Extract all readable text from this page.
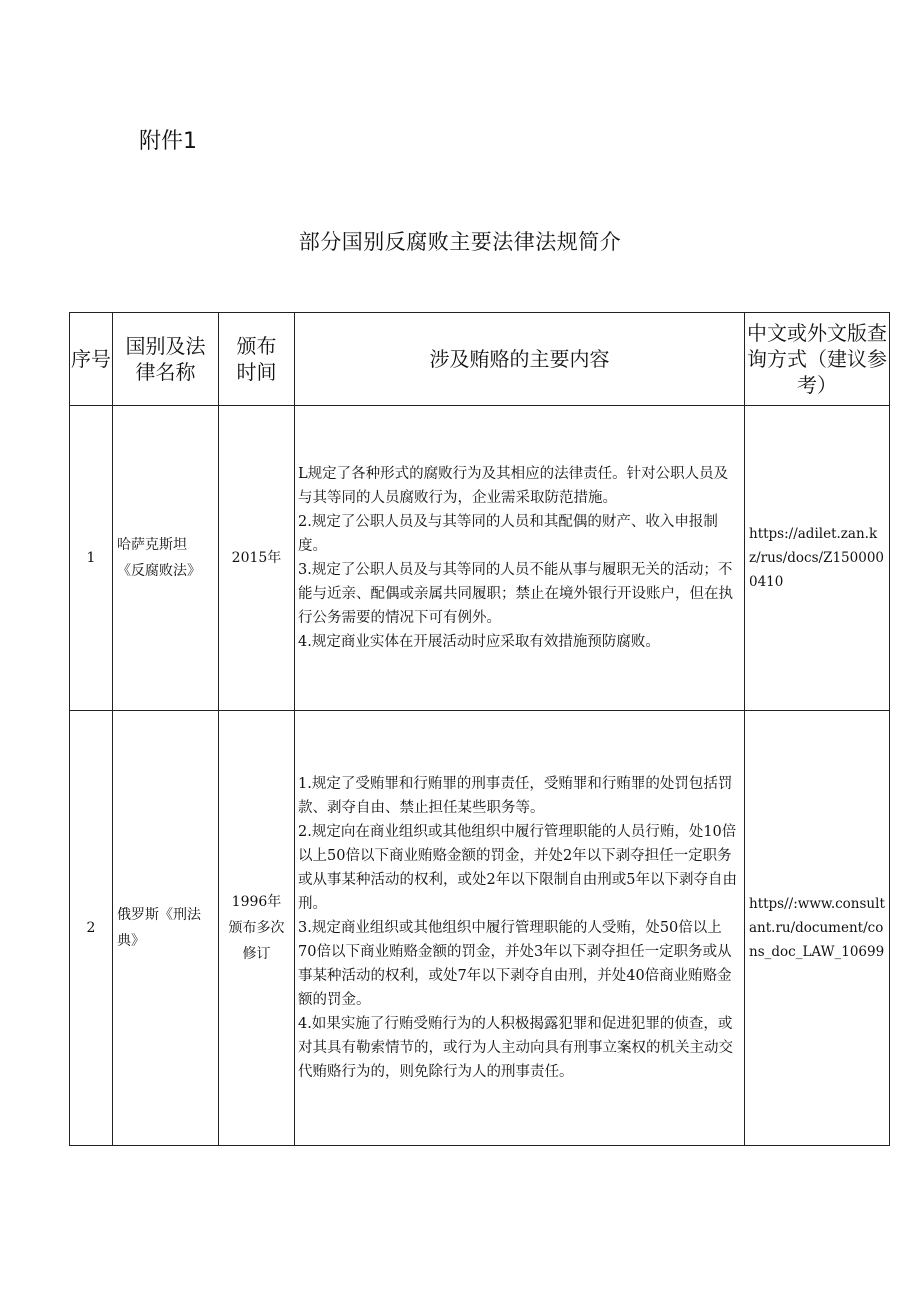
附件1
部分国别反腐败主要法律法规简介
序号	国别及法律名称	颁布时间	涉及贿赂的主要内容	中文或外文版查询方式（建议参考）
1	哈萨克斯坦《反腐败法》	2015年	L规定了各种形式的腐败行为及其相应的法律责任。针对公职人员及与其等同的人员腐败行为，企业需采取防范措施。

2.规定了公职人员及与其等同的人员和其配偶的财产、收入申报制度。

3.规定了公职人员及与其等同的人员不能从事与履职无关的活动；不能与近亲、配偶或亲属共同履职；禁止在境外银行开设账户，但在执行公务需要的情况下可有例外。

4.规定商业实体在开展活动时应采取有效措施预防腐败。	https://adilet.zan.kz/rus/docs/Z1500000410
2	俄罗斯《刑法典》	1996年颁布多次修订	1.规定了受贿罪和行贿罪的刑事责任，受贿罪和行贿罪的处罚包括罚款、剥夺自由、禁止担任某些职务等。

2.规定向在商业组织或其他组织中履行管理职能的人员行贿，处10倍以上50倍以下商业贿赂金额的罚金，并处2年以下剥夺担任一定职务或从事某种活动的权利，或处2年以下限制自由刑或5年以下剥夺自由刑。

3.规定商业组织或其他组织中履行管理职能的人受贿，处50倍以上70倍以下商业贿赂金额的罚金，并处3年以下剥夺担任一定职务或从事某种活动的权利，或处7年以下剥夺自由刑，并处40倍商业贿赂金额的罚金。

4.如果实施了行贿受贿行为的人积极揭露犯罪和促进犯罪的侦查，或对其具有勒索情节的，或行为人主动向具有刑事立案权的机关主动交代贿赂行为的，则免除行为人的刑事责任。	https//:www.consultant.ru/document/cons_doc_LAW_10699
